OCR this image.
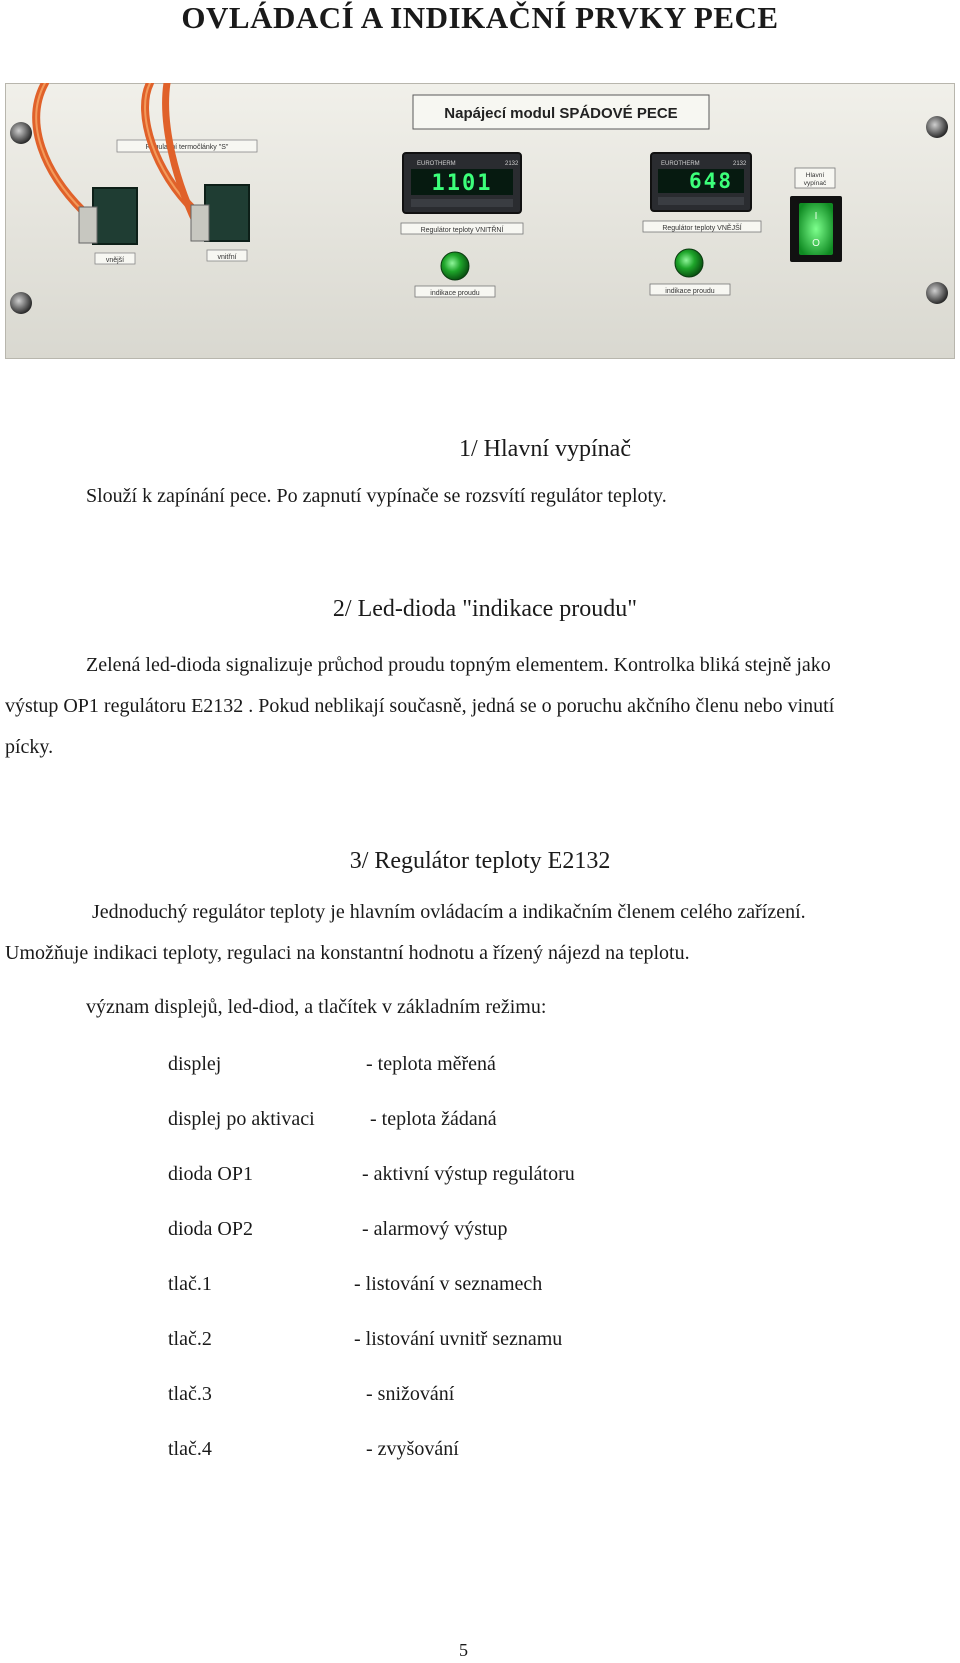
OVLÁDACÍ A INDIKAČNÍ PRVKY PECE
Napájecí modul SPÁDOVÉ PECE
Regulační termočlánky "S"
vnější	vnitřní
EUROTHERM	2132
1101
Regulátor teploty VNITŘNÍ
EUROTHERM	2132
648
Regulátor teploty VNĚJŠÍ
indikace proudu	indikace proudu
Hlavní
vypínač
I
O
1/ Hlavní vypínač
Slouží k zapínání pece. Po zapnutí vypínače se rozsvítí regulátor teploty.
2/ Led-dioda "indikace proudu"
Zelená led-dioda signalizuje průchod proudu topným elementem. Kontrolka bliká stejně jako
výstup OP1 regulátoru E2132 . Pokud neblikají současně, jedná se o poruchu akčního členu nebo vinutí
pícky.
3/ Regulátor teploty E2132
Jednoduchý regulátor teploty je hlavním ovládacím a indikačním členem celého zařízení.
Umožňuje indikaci teploty, regulaci na konstantní hodnotu a řízený nájezd na teplotu.
význam displejů, led-diod, a tlačítek v základním režimu:
displej	- teplota měřená
displej po aktivaci	- teplota žádaná
dioda OP1	- aktivní výstup regulátoru
dioda OP2	- alarmový výstup
tlač.1	- listování v seznamech
tlač.2	- listování uvnitř seznamu
tlač.3	- snižování
tlač.4	- zvyšování
5
